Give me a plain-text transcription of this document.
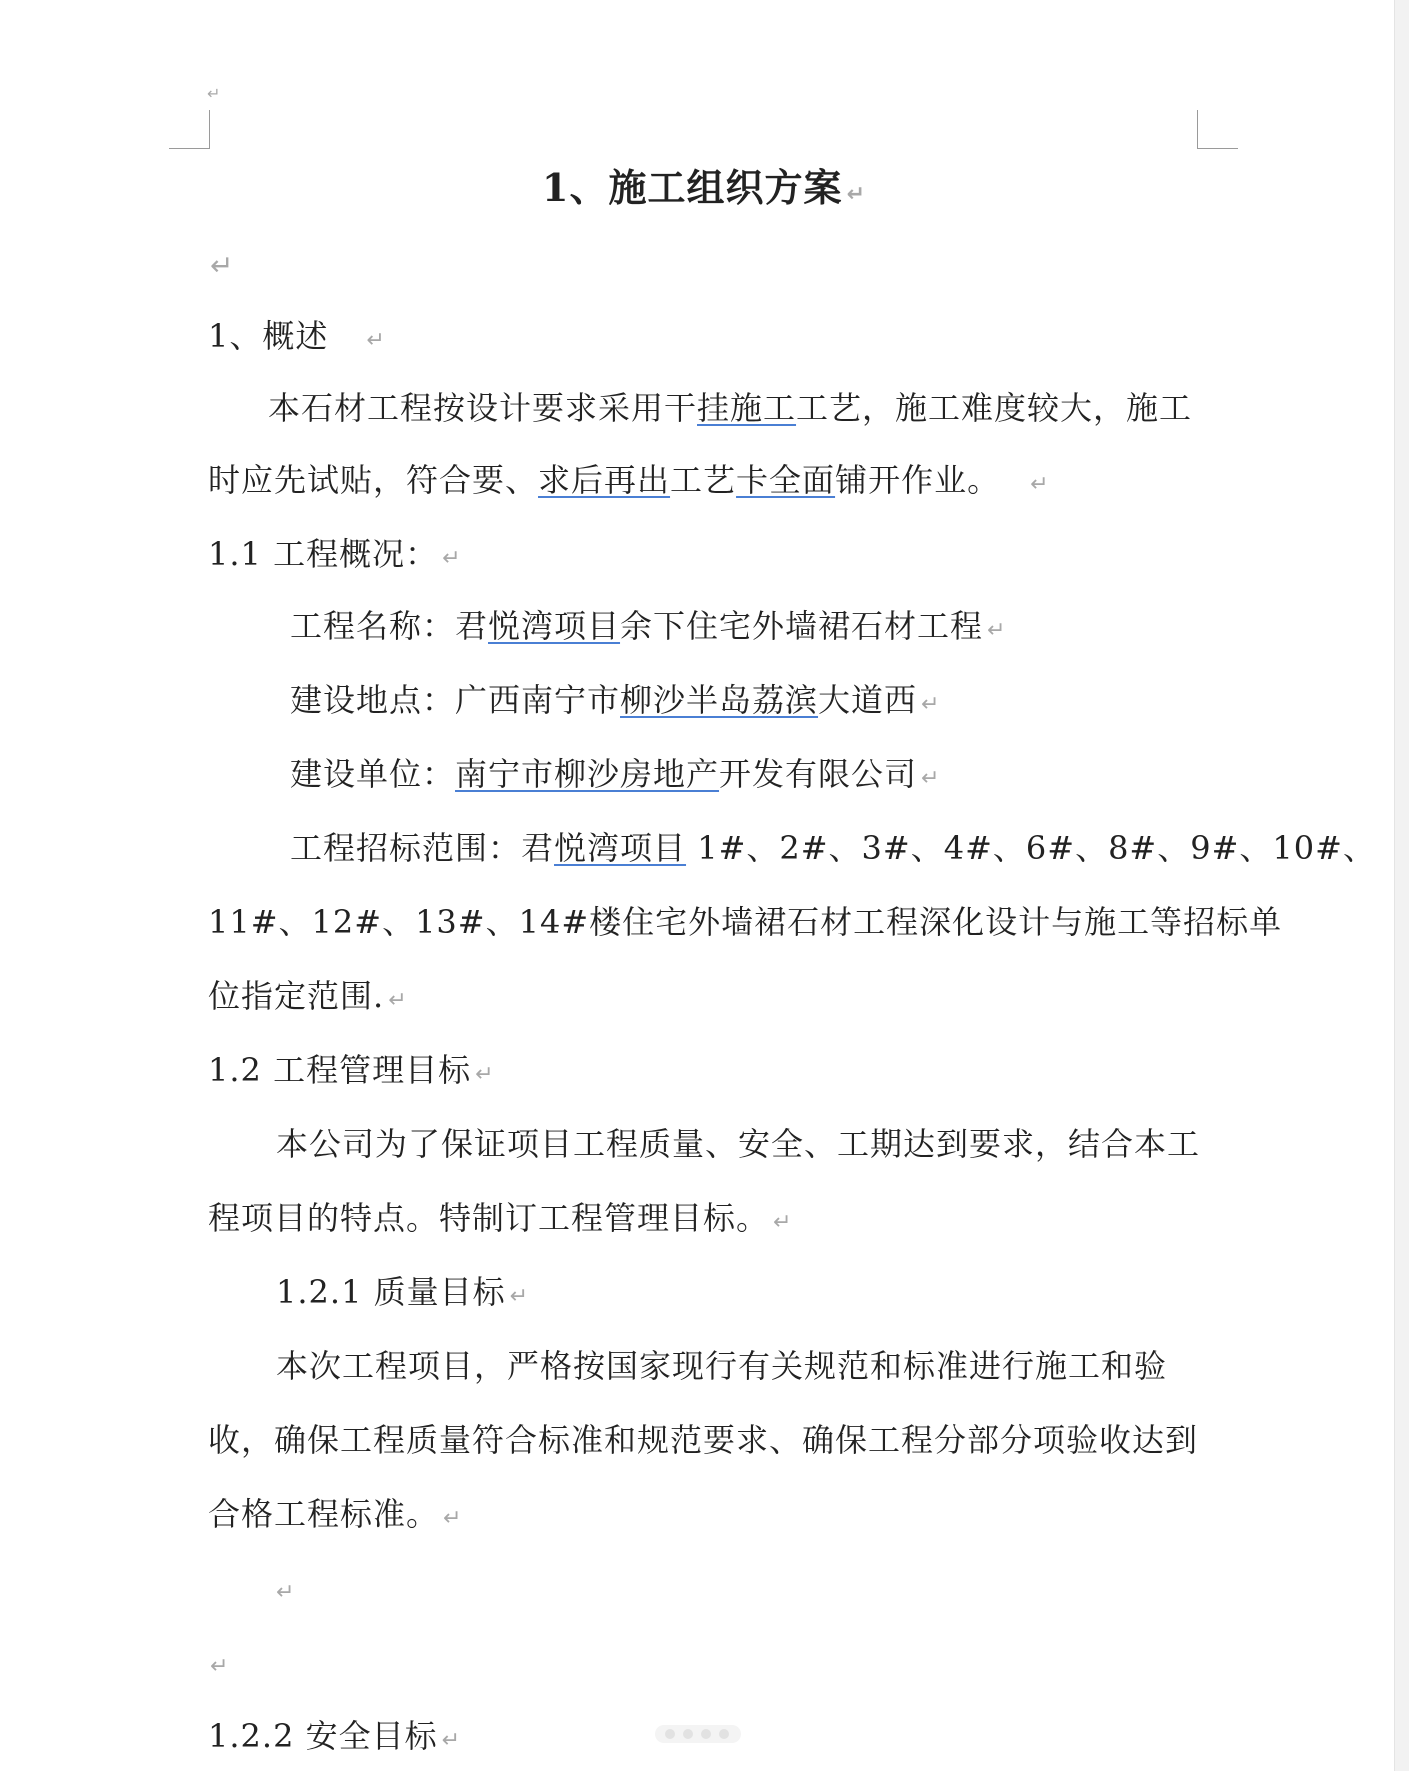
↵
1、施工组织方案 ↵
↵
1、概述 ↵
本石材工程按设计要求采用干挂施工工艺，施工难度较大，施工
时应先试贴，符合要、求后再出工艺卡全面铺开作业。 ↵
1.1 工程概况： ↵
工程名称：君悦湾项目余下住宅外墙裙石材工程 ↵
建设地点：广西南宁市柳沙半岛荔滨大道西 ↵
建设单位：南宁市柳沙房地产开发有限公司 ↵
工程招标范围：君悦湾项目 1#、2#、3#、4#、6#、8#、9#、10#、
11#、12#、13#、14#楼住宅外墙裙石材工程深化设计与施工等招标单
位指定范围. ↵
1.2 工程管理目标 ↵
本公司为了保证项目工程质量、安全、工期达到要求，结合本工
程项目的特点。特制订工程管理目标。 ↵
1.2.1 质量目标 ↵
本次工程项目，严格按国家现行有关规范和标准进行施工和验
收，确保工程质量符合标准和规范要求、确保工程分部分项验收达到
合格工程标准。 ↵
↵
↵
1.2.2 安全目标 ↵
